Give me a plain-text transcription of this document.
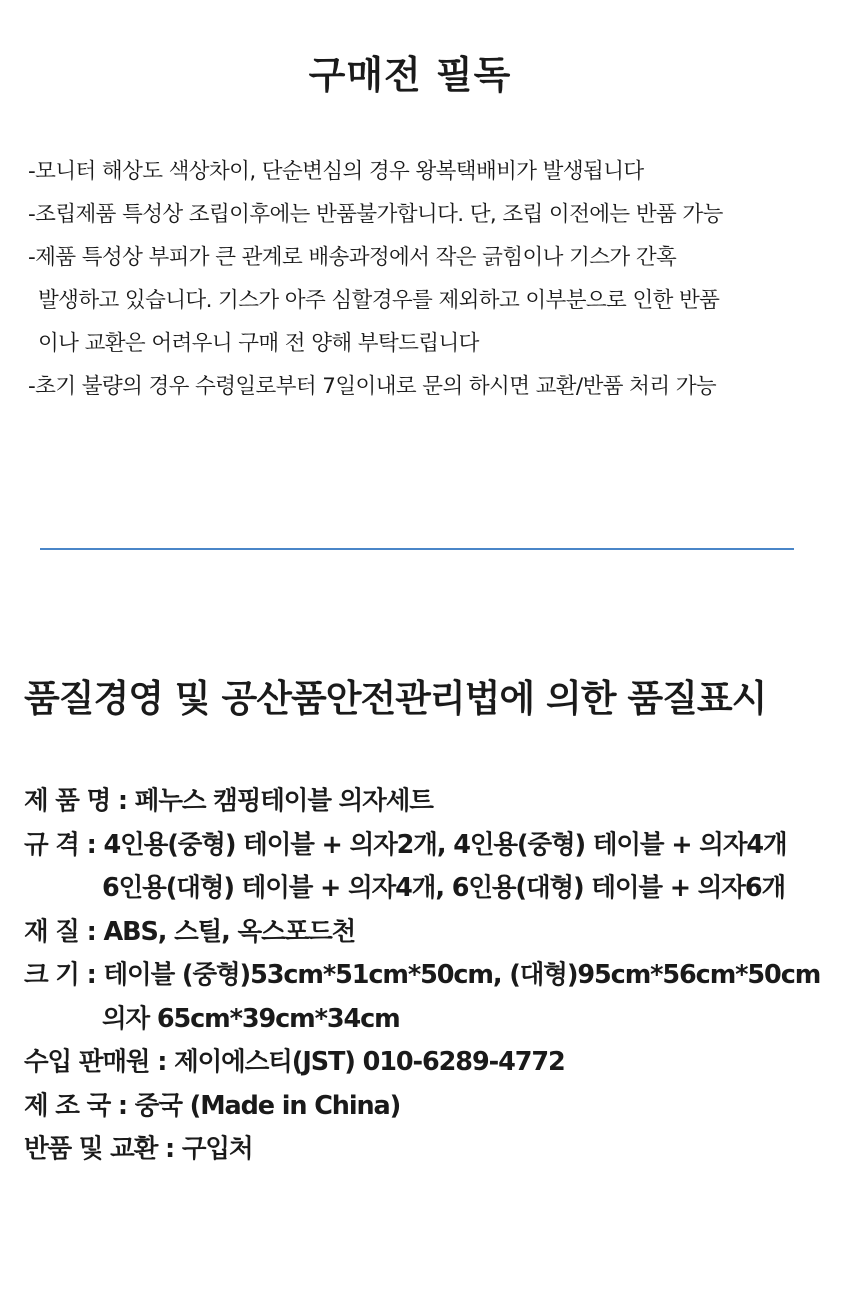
구매전 필독
-모니터 해상도 색상차이, 단순변심의 경우 왕복택배비가 발생됩니다
-조립제품 특성상 조립이후에는 반품불가합니다. 단, 조립 이전에는 반품 가능
-제품 특성상 부피가 큰 관계로 배송과정에서 작은 긁힘이나 기스가 간혹
발생하고 있습니다. 기스가 아주 심할경우를 제외하고 이부분으로 인한 반품
이나 교환은 어려우니 구매 전 양해 부탁드립니다
-초기 불량의 경우 수령일로부터 7일이내로 문의 하시면 교환/반품 처리 가능
품질경영 및 공산품안전관리법에 의한 품질표시
제 품 명 : 페누스 캠핑테이블 의자세트
규 격 : 4인용(중형) 테이블 + 의자2개, 4인용(중형) 테이블 + 의자4개
6인용(대형) 테이블 + 의자4개, 6인용(대형) 테이블 + 의자6개
재 질 : ABS, 스틸, 옥스포드천
크 기 : 테이블 (중형)53cm*51cm*50cm, (대형)95cm*56cm*50cm
의자 65cm*39cm*34cm
수입 판매원 : 제이에스티(JST) 010-6289-4772
제 조 국 : 중국 (Made in China)
반품 및 교환 : 구입처
